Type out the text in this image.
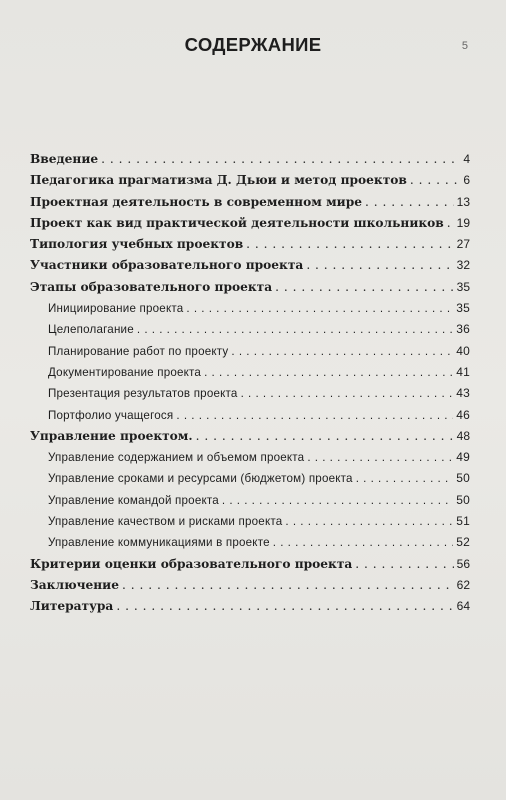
5
СОДЕРЖАНИЕ
Введение . . .	4
Педагогика прагматизма Д. Дьюи и метод проектов . . .	6
Проектная деятельность в современном мире . . .	13
Проект как вид практической деятельности школьников . . . 19
Типология учебных проектов . . .	27
Участники образовательного проекта . . .	32
Этапы образовательного проекта . . .	35
Инициирование проекта . . .	35
Целеполагание . . .	36
Планирование работ по проекту . . .	40
Документирование проекта . . .	41
Презентация результатов проекта . . .	43
Портфолио учащегося . . .	46
Управление проектом. . . .	48
Управление содержанием и объемом проекта . . .	49
Управление сроками и ресурсами (бюджетом) проекта . . .	50
Управление командой проекта . . .	50
Управление качеством и рисками проекта . . .	51
Управление коммуникациями в проекте . . .	52
Критерии оценки образовательного проекта . . .	56
Заключение . . .	62
Литература . . .	64
